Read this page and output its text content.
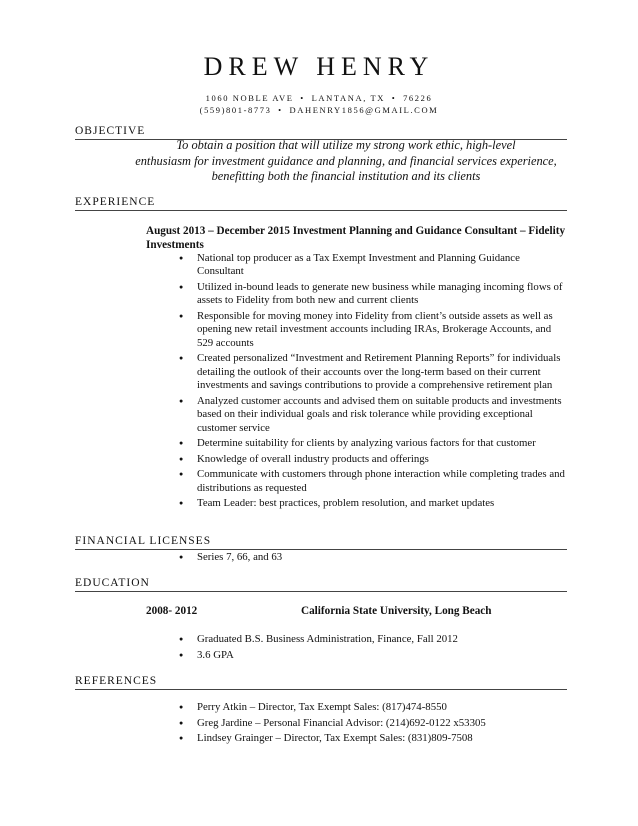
DREW HENRY
1060 NOBLE AVE • LANTANA, TX • 76226
(559)801-8773 • DAHENRY1856@GMAIL.COM
OBJECTIVE
To obtain a position that will utilize my strong work ethic, high-level
enthusiasm for investment guidance and planning, and financial services experience,
benefitting both the financial institution and its clients
EXPERIENCE
August 2013 – December 2015 Investment Planning and Guidance Consultant – Fidelity Investments
● National top producer as a Tax Exempt Investment and Planning Guidance Consultant
● Utilized in-bound leads to generate new business while managing incoming flows of assets to Fidelity from both new and current clients
● Responsible for moving money into Fidelity from client’s outside assets as well as opening new retail investment accounts including IRAs, Brokerage Accounts, and 529 accounts
● Created personalized “Investment and Retirement Planning Reports” for individuals detailing the outlook of their accounts over the long-term based on their current investments and savings contributions to provide a comprehensive retirement plan
● Analyzed customer accounts and advised them on suitable products and investments based on their individual goals and risk tolerance while providing exceptional customer service
● Determine suitability for clients by analyzing various factors for that customer
● Knowledge of overall industry products and offerings
● Communicate with customers through phone interaction while completing trades and distributions as requested
● Team Leader: best practices, problem resolution, and market updates
FINANCIAL LICENSES
● Series 7, 66, and 63
EDUCATION
2008- 2012	California State University, Long Beach
● Graduated B.S. Business Administration, Finance, Fall 2012
● 3.6 GPA
REFERENCES
● Perry Atkin – Director, Tax Exempt Sales: (817)474-8550
● Greg Jardine – Personal Financial Advisor: (214)692-0122 x53305
● Lindsey Grainger – Director, Tax Exempt Sales: (831)809-7508
